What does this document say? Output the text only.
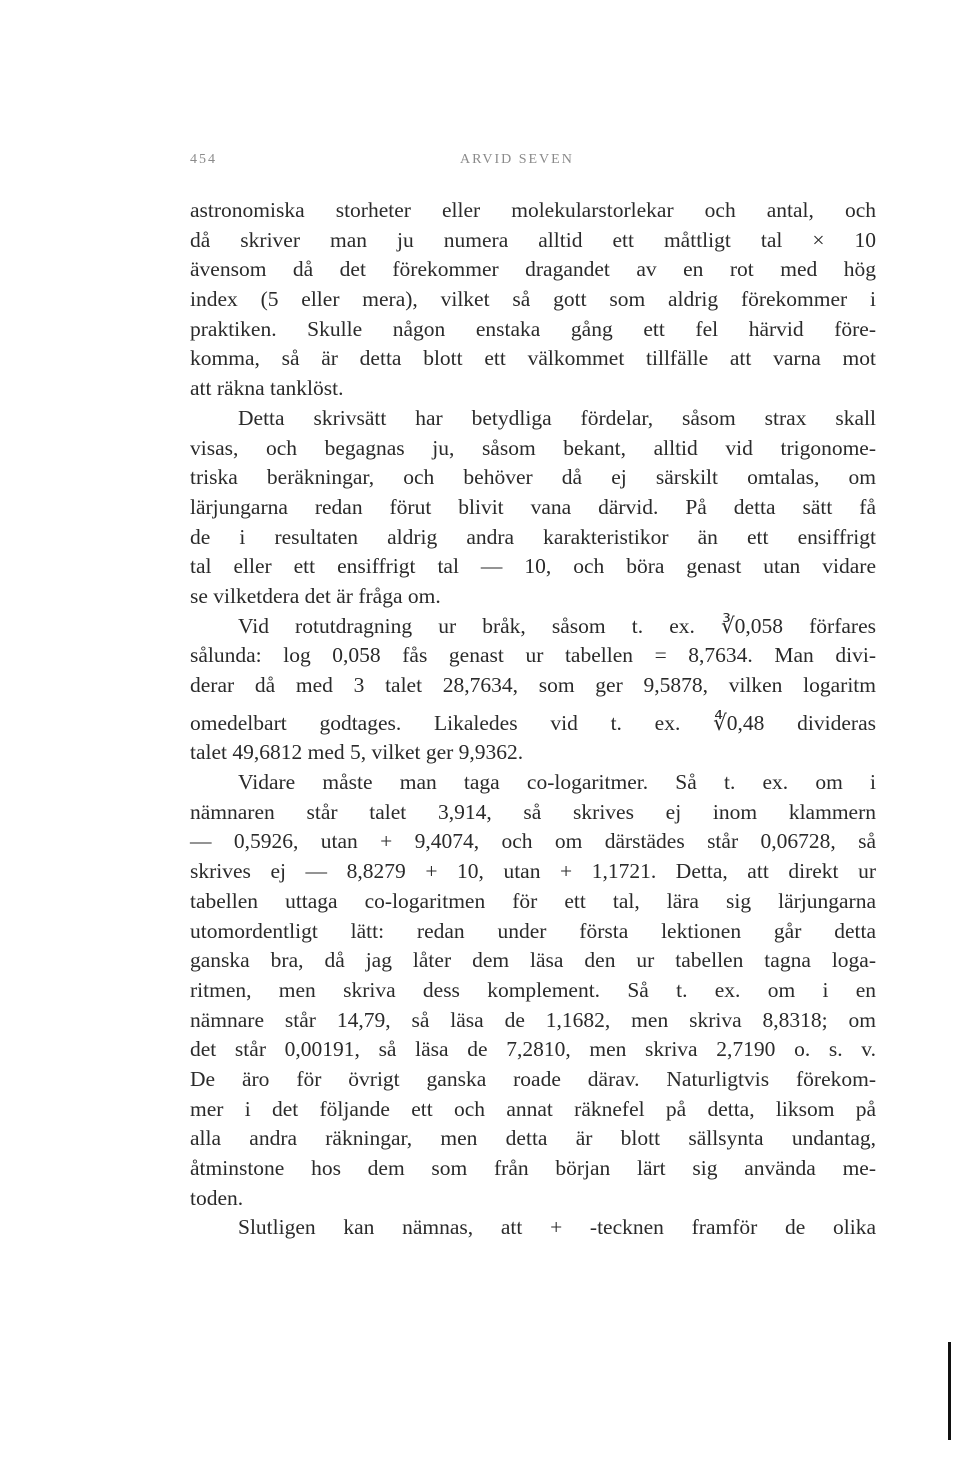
454	ARVID SEVEN
astronomiska storheter eller molekularstorlekar och antal, och
då skriver man ju numera alltid ett måttligt tal × 10
ävensom då det förekommer dragandet av en rot med hög
index (5 eller mera), vilket så gott som aldrig förekommer i
praktiken. Skulle någon enstaka gång ett fel härvid före-
komma, så är detta blott ett välkommet tillfälle att varna mot
att räkna tanklöst.
Detta skrivsätt har betydliga fördelar, såsom strax skall
visas, och begagnas ju, såsom bekant, alltid vid trigonome-
triska beräkningar, och behöver då ej särskilt omtalas, om
lärjungarna redan förut blivit vana därvid. På detta sätt få
de i resultaten aldrig andra karakteristikor än ett ensiffrigt
tal eller ett ensiffrigt tal — 10, och böra genast utan vidare
se vilketdera det är fråga om.
Vid rotutdragning ur bråk, såsom t. ex. ∛0,058 förfares
sålunda: log 0,058 fås genast ur tabellen = 8,7634. Man divi-
derar då med 3 talet 28,7634, som ger 9,5878, vilken logaritm
omedelbart godtages. Likaledes vid t. ex. ∜0,48 divideras
talet 49,6812 med 5, vilket ger 9,9362.
Vidare måste man taga co-logaritmer. Så t. ex. om i
nämnaren står talet 3,914, så skrives ej inom klammern
— 0,5926, utan + 9,4074, och om därstädes står 0,06728, så
skrives ej — 8,8279 + 10, utan + 1,1721. Detta, att direkt ur
tabellen uttaga co-logaritmen för ett tal, lära sig lärjungarna
utomordentligt lätt: redan under första lektionen går detta
ganska bra, då jag låter dem läsa den ur tabellen tagna loga-
ritmen, men skriva dess komplement. Så t. ex. om i en
nämnare står 14,79, så läsa de 1,1682, men skriva 8,8318; om
det står 0,00191, så läsa de 7,2810, men skriva 2,7190 o. s. v.
De äro för övrigt ganska roade därav. Naturligtvis förekom-
mer i det följande ett och annat räknefel på detta, liksom på
alla andra räkningar, men detta är blott sällsynta undantag,
åtminstone hos dem som från början lärt sig använda me-
toden.
Slutligen kan nämnas, att + -tecknen framför de olika
